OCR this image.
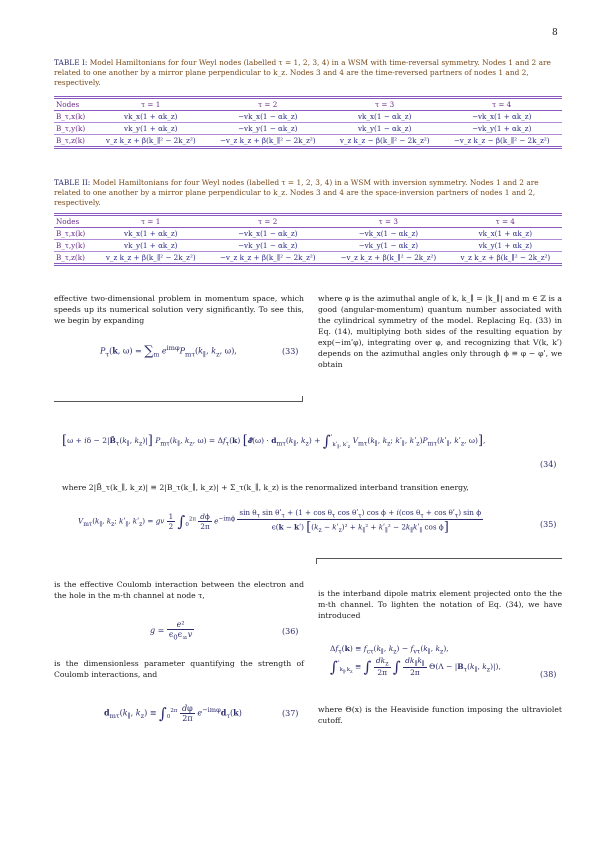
8
TABLE I: Model Hamiltonians for four Weyl nodes (labelled τ = 1, 2, 3, 4) in a WSM with time-reversal symmetry. Nodes 1 and 2 are related to one another by a mirror plane perpendicular to k_z. Nodes 3 and 4 are the time-reversed partners of nodes 1 and 2, respectively.
Nodes	τ = 1	τ = 2	τ = 3	τ = 4
B_τ,x(k)	vk_x(1 + αk_z)	−vk_x(1 − αk_z)	vk_x(1 − αk_z)	−vk_x(1 + αk_z)
B_τ,y(k)	vk_y(1 + αk_z)	−vk_y(1 − αk_z)	vk_y(1 − αk_z)	−vk_y(1 + αk_z)
B_τ,z(k)	v_z k_z + β(k_∥² − 2k_z²)	−v_z k_z + β(k_∥² − 2k_z²)	v_z k_z − β(k_∥² − 2k_z²)	−v_z k_z − β(k_∥² − 2k_z²)
TABLE II: Model Hamiltonians for four Weyl nodes (labelled τ = 1, 2, 3, 4) in a WSM with inversion symmetry. Nodes 1 and 2 are related to one another by a mirror plane perpendicular to k_z. Nodes 3 and 4 are the space-inversion partners of nodes 1 and 2, respectively.
Nodes	τ = 1	τ = 2	τ = 3	τ = 4
B_τ,x(k)	vk_x(1 + αk_z)	−vk_x(1 − αk_z)	−vk_x(1 − αk_z)	vk_x(1 + αk_z)
B_τ,y(k)	vk_y(1 + αk_z)	−vk_y(1 − αk_z)	−vk_y(1 − αk_z)	vk_y(1 + αk_z)
B_τ,z(k)	v_z k_z + β(k_∥² − 2k_z²)	−v_z k_z + β(k_∥² − 2k_z²)	−v_z k_z + β(k_∥² − 2k_z²)	v_z k_z + β(k_∥² − 2k_z²)
effective two-dimensional problem in momentum space, which speeds up its numerical solution very significantly. To see this, we begin by expanding
where φ is the azimuthal angle of k, k_∥ = |k_∥| and m ∈ ℤ is a good (angular-momentum) quantum number associated with the cylindrical symmetry of the model. Replacing Eq. (33) in Eq. (14), multiplying both sides of the resulting equation by exp(−imʹφ), integrating over φ, and recognizing that V(k, kʹ) depends on the azimuthal angles only through ϕ ≡ φ − φʹ, we obtain
$P_\tau(k$, $\omega) = \sum_m$ $e^{im\varphi}P_{m\tau}(k_\parallel$, $k_z$, ω),	(33)
[$\omega + i\delta - 2|B̃_\tau(k_\parallel$, $k_z)|$] $P_{m\tau}(k_\parallel$, $k_z$, $\omega) = \Delta f_\tau(k)$ [𝓔(ω) · $d_{m\tau}(k_\parallel$, $k_z) + \int^ʹ_{kʹ_\parallel, kʹ_z}$ $V_{m\tau}(k_\parallel$, $k_z$; kʹ$_\parallel$, $kʹ_z)P_{m\tau}(kʹ_\parallel$, kʹ$_z$, ω)],
(34)
where 2|B̃_τ(k_∥, k_z)| ≡ 2|B_τ(k_∥, k_z)| + Σ_τ(k_∥, k_z) is the renormalized interband transition energy,
$V_{m\tau}(k_\parallel$, $k_z$; kʹ$_\parallel$, kʹ$_z$) = gv $\frac{1}{2} \int_0^{2\pi} \frac{d\phi}{2\pi} e^{-im\phi}$
$\sin \theta_\tau$ sin θʹ$_\tau$ + ($1 + \cos \theta_\tau$ cos θʹ$_\tau$) cos ϕ + i(cos $\theta_\tau + \cos$ θʹ$_\tau$) sin ϕ
ϵ(k − kʹ) [($k_z$ − kʹ$_z$)² + $k_\parallel^2$ + kʹ$_\parallel$² − $2k_\parallel kʹ_\parallel$ cos ϕ]	(35)
is the effective Coulomb interaction between the electron and the hole in the m-th channel at node τ,
$g = \frac{\text{e²}}{\epsilon_0\epsilon_\infty v}$	(36)
is the dimensionless parameter quantifying the strength of Coulomb interactions, and
$d_{m\tau}(k_\parallel$, $k_z) \equiv \int_0^{2\pi} \frac{d\varphi}{2\pi} e^{-im\varphi}d_\tau(k)$	(37)
is the interband dipole matrix element projected onto the the m-th channel. To lighten the notation of Eq. (34), we have introduced
$\Delta f_\tau(k) \equiv f_{c\tau}(k_\parallel$, $k_z) - f_{v\tau}(k_\parallel$, $k_z$),
∫$^ʹ_{k_\parallel,k_z}$ ≡ ∫ $\frac{dk_z}{2\pi}$ ∫ $\frac{dk_\parallel k_\parallel}{2\pi} \Theta(\Lambda - |B_\tau(k_\parallel$, $k_z)|$),
(38)
where Θ(x) is the Heaviside function imposing the ultraviolet cutoff.
